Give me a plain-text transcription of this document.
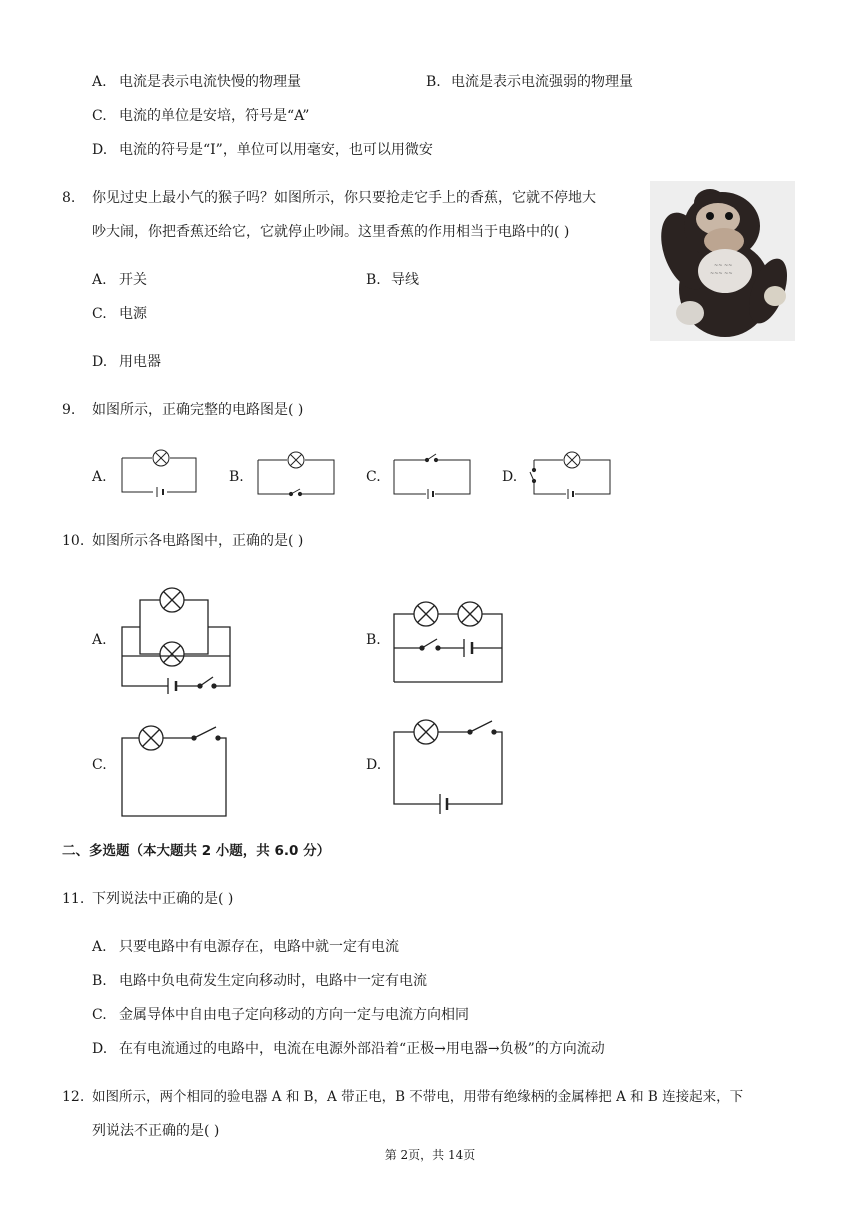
A. 电流是表示电流快慢的物理量	B. 电流是表示电流强弱的物理量
C. 电流的单位是安培，符号是“A”
D. 电流的符号是“I”，单位可以用毫安，也可以用微安
8. 你见过史上最小气的猴子吗？如图所示，你只要抢走它手上的香蕉，它就不停地大
吵大闹，你把香蕉还给它，它就停止吵闹。这里香蕉的作用相当于电路中的( )
A. 开关	B. 导线
C. 电源
D. 用电器
~~ ~~
~~~ ~~
9. 如图所示，正确完整的电路图是( )
A.	B.	C.	D.
10. 如图所示各电路图中，正确的是( )
A.	B.
C.	D.
二、多选题（本大题共 2 小题，共 6.0 分）
11. 下列说法中正确的是( )
A. 只要电路中有电源存在，电路中就一定有电流
B. 电路中负电荷发生定向移动时，电路中一定有电流
C. 金属导体中自由电子定向移动的方向一定与电流方向相同
D. 在有电流通过的电路中，电流在电源外部沿着“正极→用电器→负极”的方向流动
12. 如图所示，两个相同的验电器 A 和 B，A 带正电，B 不带电，用带有绝缘柄的金属棒把 A 和 B 连接起来，下
列说法不正确的是( )
第 2页，共 14页
